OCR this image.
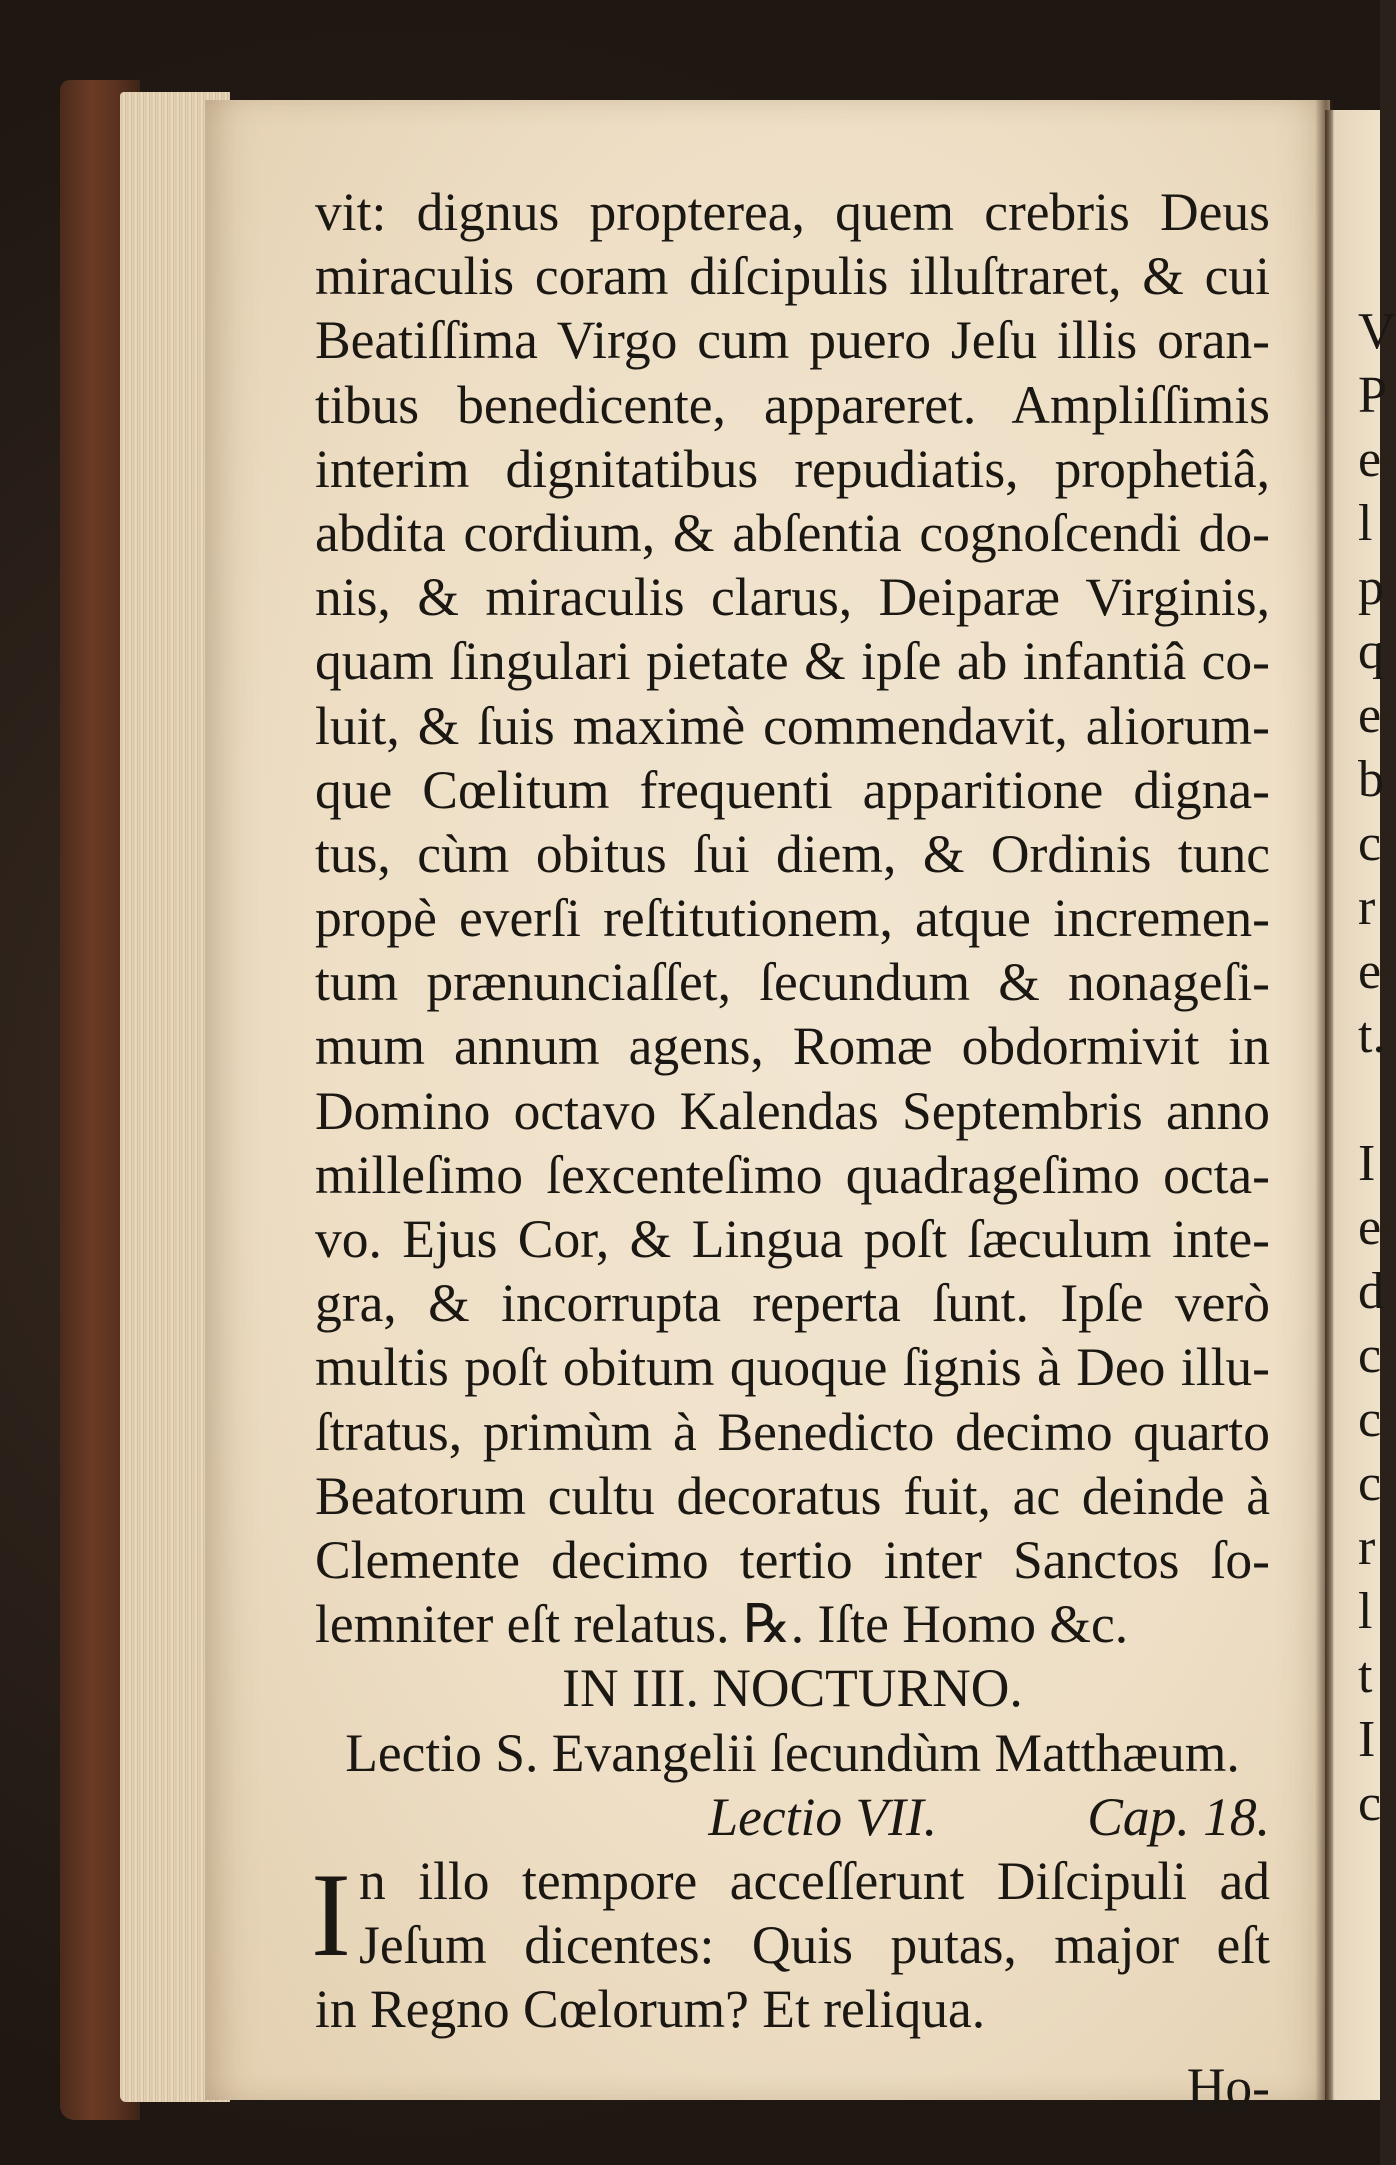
V
P
e
l
p
q
e
b
c
r
e
t.
I
e
d
c
c
c
r
l
t
I
c
vit: dignus propterea, quem crebris Deus
miraculis coram diſcipulis illuſtraret, & cui
Beatiſſima Virgo cum puero Jeſu illis oran-
tibus benedicente, appareret. Ampliſſimis
interim dignitatibus repudiatis, prophetiâ,
abdita cordium, & abſentia cognoſcendi do-
nis, & miraculis clarus, Deiparæ Virginis,
quam ſingulari pietate & ipſe ab infantiâ co-
luit, & ſuis maximè commendavit, aliorum-
que Cœlitum frequenti apparitione digna-
tus, cùm obitus ſui diem, & Ordinis tunc
propè everſi reſtitutionem, atque incremen-
tum prænunciaſſet, ſecundum & nonageſi-
mum annum agens, Romæ obdormivit in
Domino octavo Kalendas Septembris anno
milleſimo ſexcenteſimo quadrageſimo octa-
vo. Ejus Cor, & Lingua poſt ſæculum inte-
gra, & incorrupta reperta ſunt. Ipſe verò
multis poſt obitum quoque ſignis à Deo illu-
ſtratus, primùm à Benedicto decimo quarto
Beatorum cultu decoratus fuit, ac deinde à
Clemente decimo tertio inter Sanctos ſo-
lemniter eſt relatus. ℞. Iſte Homo &c.
IN III. NOCTURNO.
Lectio S. Evangelii ſecundùm Matthæum.
Lectio VII.	Cap. 18.
I n illo tempore acceſſerunt Diſcipuli ad
Jeſum dicentes: Quis putas, major eſt
in Regno Cœlorum? Et reliqua.
Ho-
